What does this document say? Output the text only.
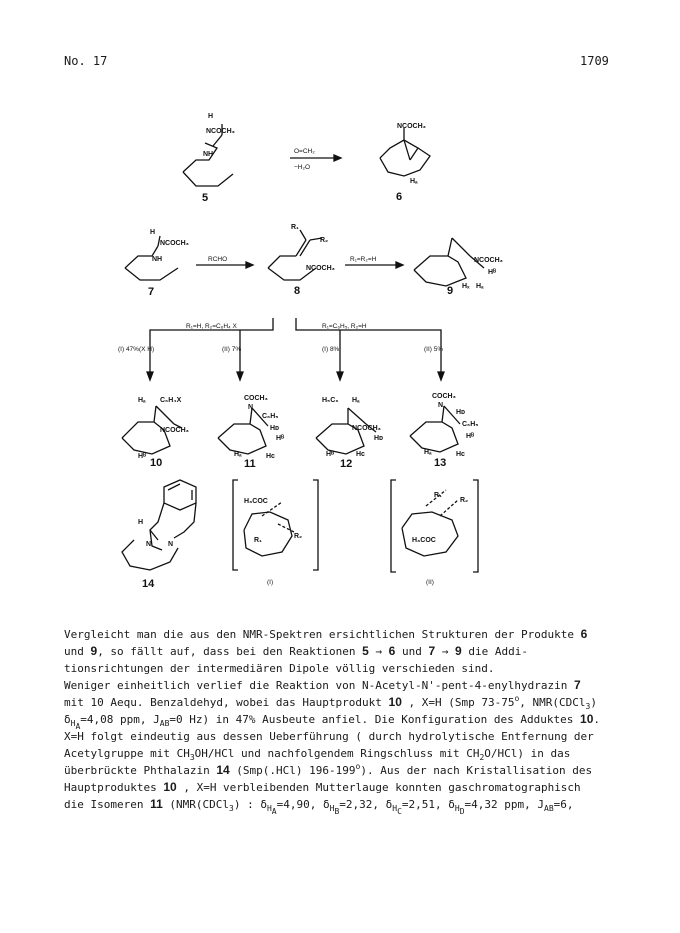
No. 17	1709
H
NCOCH₃
NH
5
O=CH₂
−H₂O
NCOCH₃
Hₐ
6
H
NCOCH₃
NH
7
RCHO
R₁
R₂
NCOCH₃
8
R₁=R₂=H	NCOCH₃
Hᴮ
Hₓ Hₐ
9
R₁=H, R₂=C₆H₄ X	R₁=C₆H₅, R₂=H
(I) 47%(X H)	(II) 7%	(I) 8%	(II) 5%
Hₐ C₆H₄X
NCOCH₃
Hᴮ
10
COCH₃
N
C₆H₅
Hᴅ
Hᴮ
Hₐ	Hc
11
H₅C₆ Hₐ
NCOCH₃
Hᴅ
Hᴮ	Hc
12
COCH₃
N
Hᴅ
C₆H₅
Hᴮ
Hₐ	Hc
13
H
N N
14
H₃COC
R₁
R₂
(I)
R₁
R₂
H₃COC
(II)
Vergleicht man die aus den NMR-Spektren ersichtlichen Strukturen der Produkte 6
und 9, so fällt auf, dass bei den Reaktionen 5 → 6 und 7 → 9 die Addi-
tionsrichtungen der intermediären Dipole völlig verschieden sind.
Weniger einheitlich verlief die Reaktion von N-Acetyl-N'-pent-4-enylhydrazin 7
mit 10 Aequ. Benzaldehyd, wobei das Hauptprodukt 10 , X=H (Smp 73-75$^o$, NMR(CDCl$_3$)
$\delta_{H_A}=4,08$ ppm, $J_{AB}=0$ Hz) in 47% Ausbeute anfiel. Die Konfiguration des Adduktes 10.
X=H folgt eindeutig aus dessen Ueberführung ( durch hydrolytische Entfernung der
Acetylgruppe mit $CH_3OH$/HCl und nachfolgendem Ringschluss mit $CH_2O/HCl$) in das
überbrückte Phthalazin 14 (Smp(.HCl) 196-199$^o$). Aus der nach Kristallisation des
Hauptproduktes 10 , X=H verbleibenden Mutterlauge konnten gaschromatographisch
die Isomeren 11 (NMR(CDCl$_3$) : $\delta_{H_A}=4,90$, $\delta_{H_B}=2,32$, $\delta_{H_C}=2,51$, $\delta_{H_D}=4,32$ ppm, $J_{AB}=6$,
